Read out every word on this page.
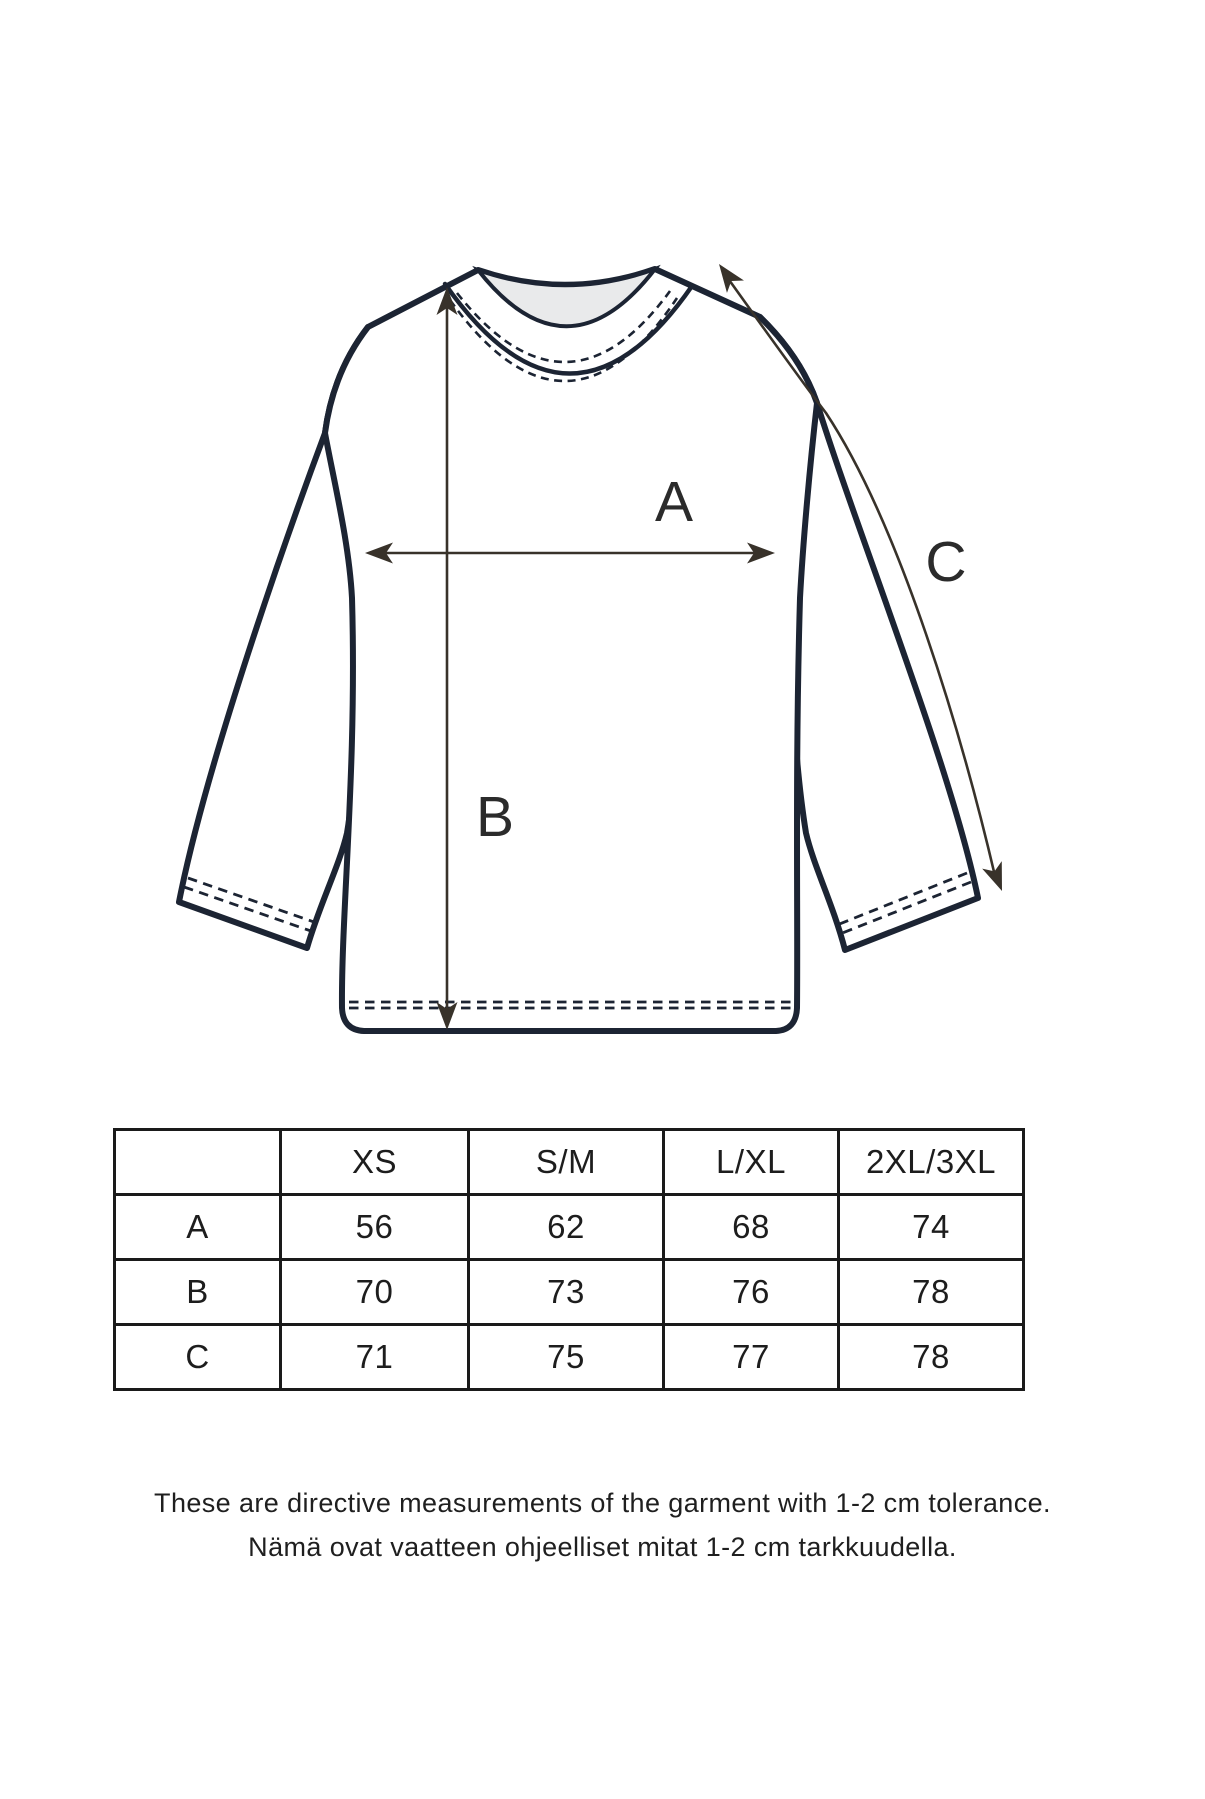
A
B
C
	XS	S/M	L/XL	2XL/3XL
A	56	62	68	74
B	70	73	76	78
C	71	75	77	78
These are directive measurements of the garment with 1-2 cm tolerance.
Nämä ovat vaatteen ohjeelliset mitat 1-2 cm tarkkuudella.
